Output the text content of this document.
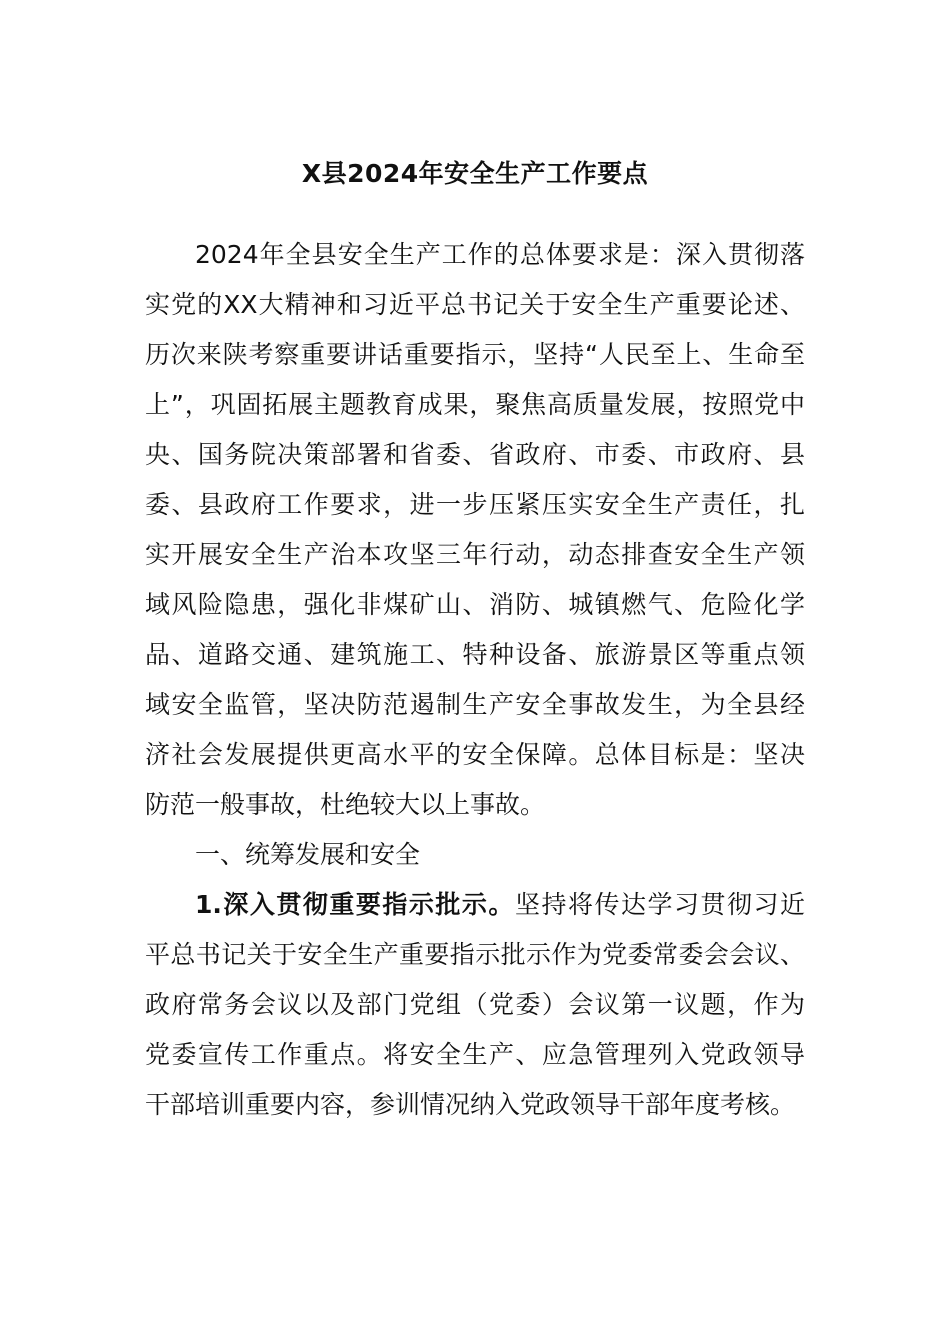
X县2024年安全生产工作要点
2024年全县安全生产工作的总体要求是：深入贯彻落
实党的XX大精神和习近平总书记关于安全生产重要论述、
历次来陕考察重要讲话重要指示，坚持“人民至上、生命至
上”，巩固拓展主题教育成果，聚焦高质量发展，按照党中
央、国务院决策部署和省委、省政府、市委、市政府、县
委、县政府工作要求，进一步压紧压实安全生产责任，扎
实开展安全生产治本攻坚三年行动，动态排查安全生产领
域风险隐患，强化非煤矿山、消防、城镇燃气、危险化学
品、道路交通、建筑施工、特种设备、旅游景区等重点领
域安全监管，坚决防范遏制生产安全事故发生，为全县经
济社会发展提供更高水平的安全保障。总体目标是：坚决
防范一般事故，杜绝较大以上事故。
一、统筹发展和安全
1.深入贯彻重要指示批示。坚持将传达学习贯彻习近
平总书记关于安全生产重要指示批示作为党委常委会会议、
政府常务会议以及部门党组（党委）会议第一议题，作为
党委宣传工作重点。将安全生产、应急管理列入党政领导
干部培训重要内容，参训情况纳入党政领导干部年度考核。
